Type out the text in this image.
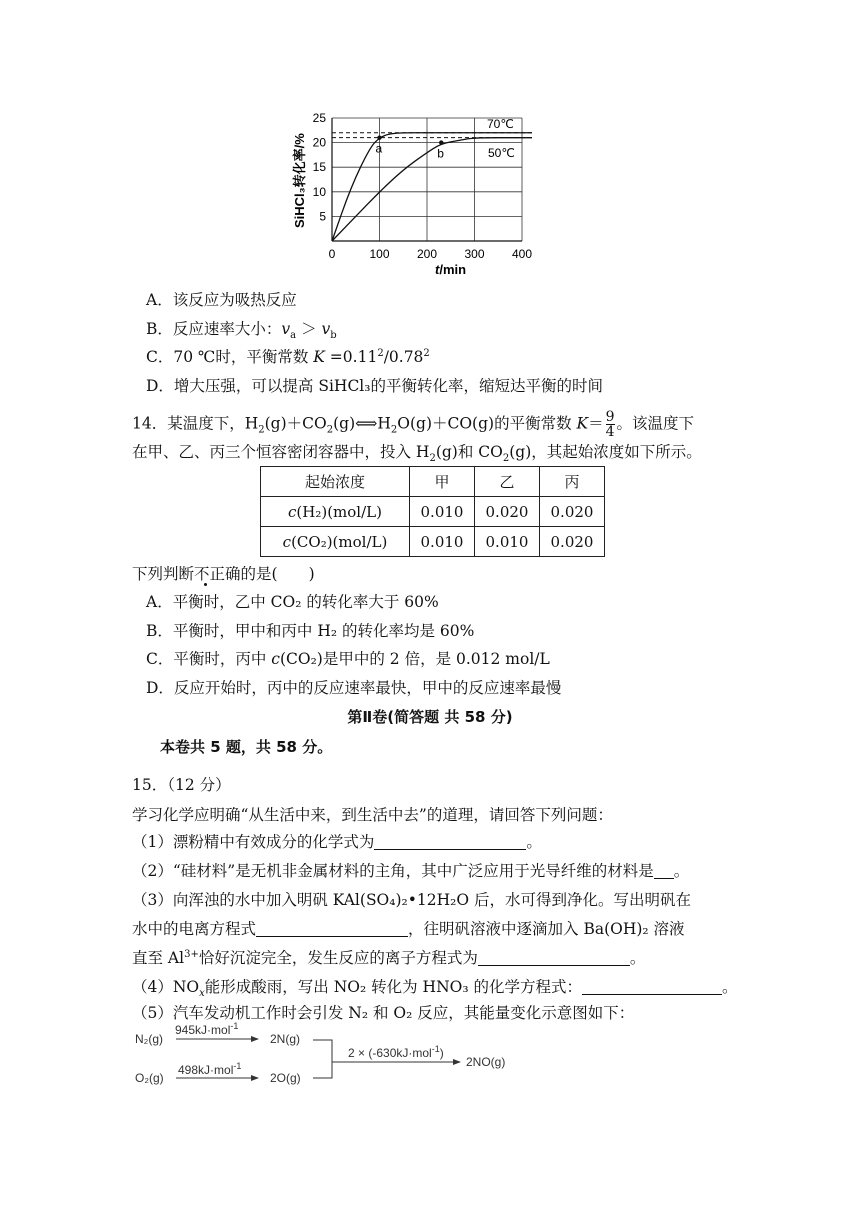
0	100 200 300 400
5
10
15
20
25
a	b
70℃
50℃
SiHCl₃转化率/%
t/min
A．该反应为吸热反应
B．反应速率大小：$v_a > v_b$
C．70 ℃时，平衡常数 $K =0.11^2/0.78^2$
D．增大压强，可以提高 SiHCl₃的平衡转化率，缩短达平衡的时间
14．某温度下，$H_2(g)+CO_2(g)⟺H_2O(g)+CO(g)$的平衡常数 $K= \frac{9}{4}$ 。该温度下
在甲、乙、丙三个恒容密闭容器中，投入 $H_2(g)$和 $CO_2(g)$，其起始浓度如下所示。
起始浓度	甲	乙	丙
c(H₂)(mol/L)	0.010	0.020	0.020
c(CO₂)(mol/L)	0.010	0.010	0.020
下列判断不正确的是(　　)
A．平衡时，乙中 CO₂ 的转化率大于 60%
B．平衡时，甲中和丙中 H₂ 的转化率均是 60%
C．平衡时，丙中 c(CO₂)是甲中的 2 倍，是 0.012 mol/L
D．反应开始时，丙中的反应速率最快，甲中的反应速率最慢
第Ⅱ卷(简答题 共 58 分)
本卷共 5 题，共 58 分。
15．（12 分）
学习化学应明确“从生活中来，到生活中去”的道理，请回答下列问题：
（1）漂粉精中有效成分的化学式为	。
（2）“硅材料”是无机非金属材料的主角，其中广泛应用于光导纤维的材料是 。
（3）向浑浊的水中加入明矾 KAl(SO₄)₂•12H₂O 后，水可得到净化。写出明矾在
水中的电离方程式	，往明矾溶液中逐滴加入 Ba(OH)₂ 溶液
直至 $Al^{3+}$恰好沉淀完全，发生反应的离子方程式为	。
$(4)NO_x$能形成酸雨，写出 NO₂ 转化为 HNO₃ 的化学方程式：	。
（5）汽车发动机工作时会引发 N₂ 和 O₂ 反应，其能量变化示意图如下：
N₂(g)
945kJ·mol$^{-1}$
2N(g)
O₂(g)
498kJ·mol$^{-1}$
2O(g)
2 × (-630kJ·mol$^{-1}$)
2NO(g)
